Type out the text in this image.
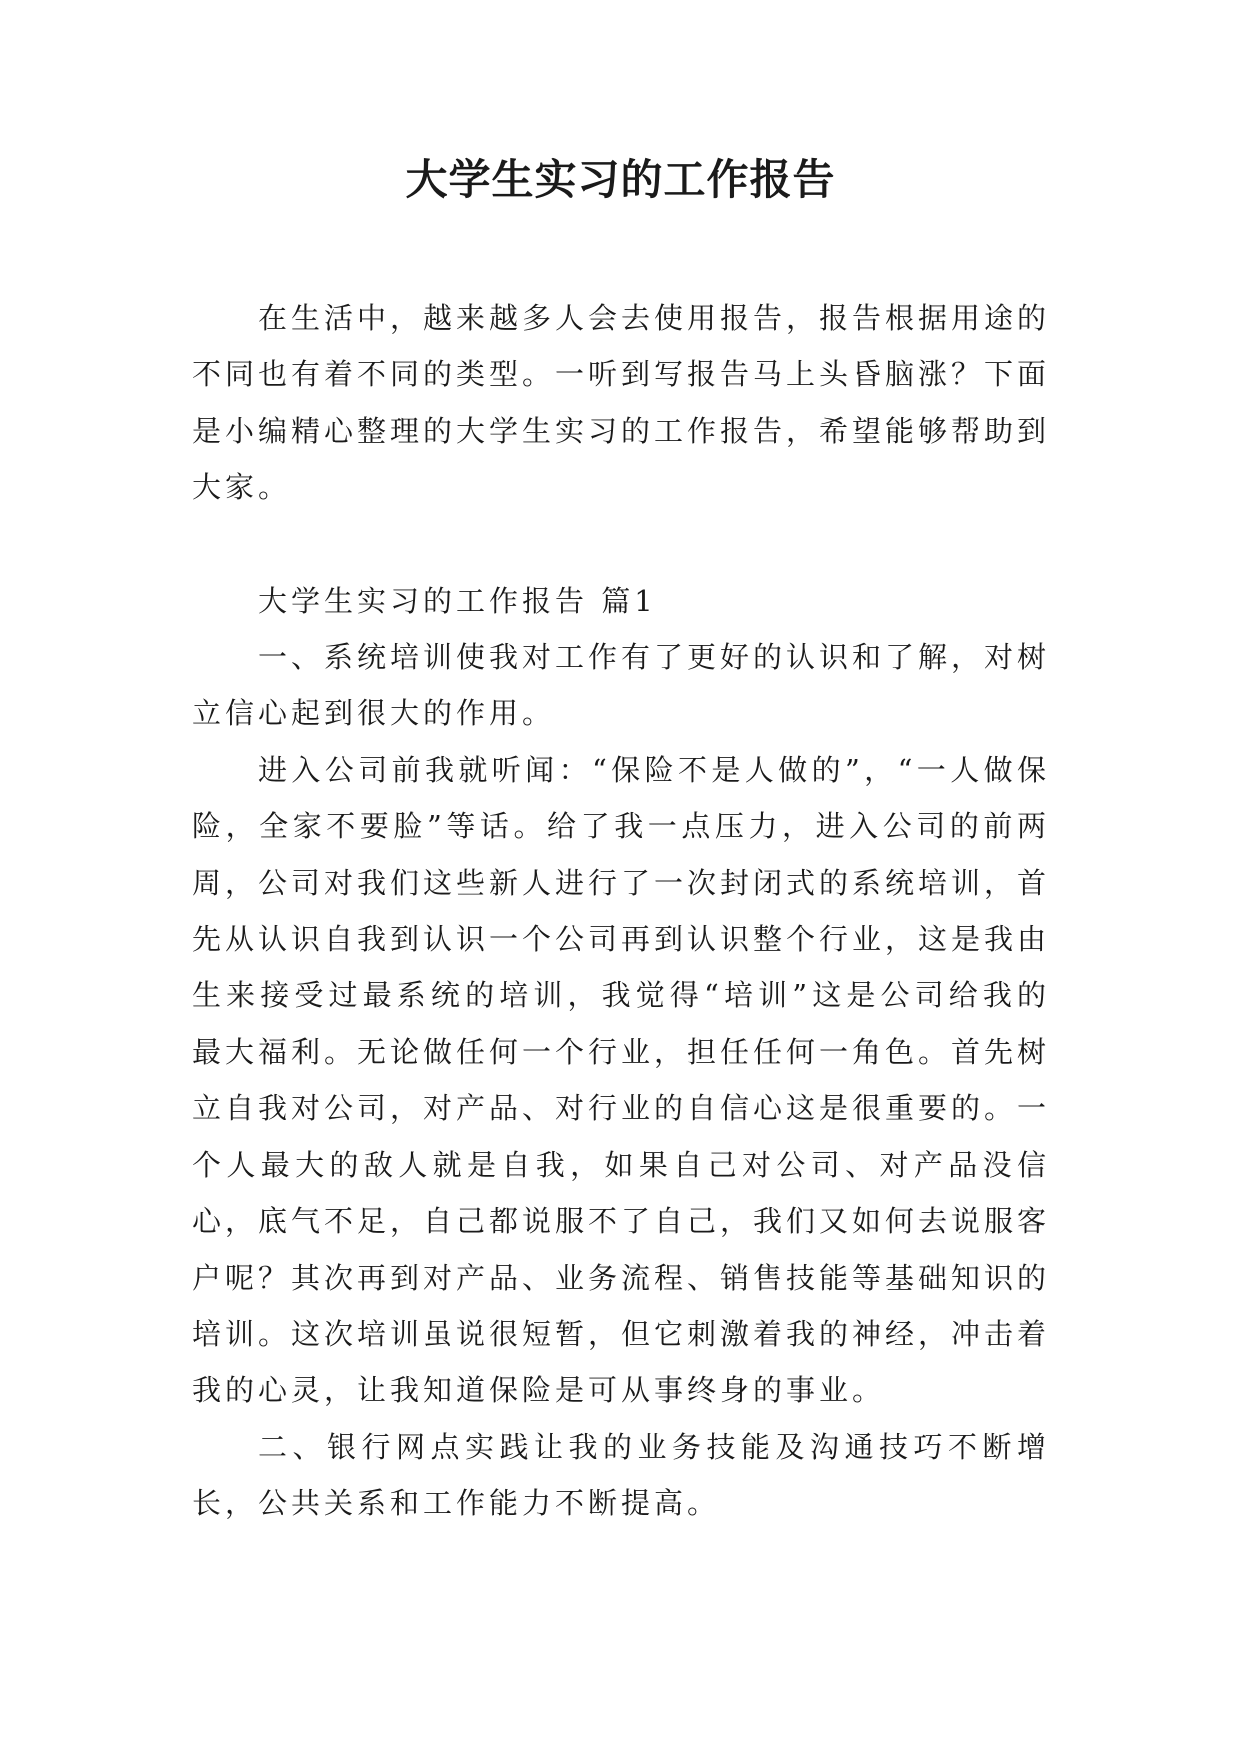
大学生实习的工作报告

在生活中，越来越多人会去使用报告，报告根据用途的不同也有着不同的类型。一听到写报告马上头昏脑涨？下面是小编精心整理的大学生实习的工作报告，希望能够帮助到大家。

大学生实习的工作报告 篇1

一、系统培训使我对工作有了更好的认识和了解，对树立信心起到很大的作用。

进入公司前我就听闻：“保险不是人做的”，“一人做保险，全家不要脸”等话。给了我一点压力，进入公司的前两周，公司对我们这些新人进行了一次封闭式的系统培训，首先从认识自我到认识一个公司再到认识整个行业，这是我由生来接受过最系统的培训，我觉得“培训”这是公司给我的最大福利。无论做任何一个行业，担任任何一角色。首先树立自我对公司，对产品、对行业的自信心这是很重要的。一个人最大的敌人就是自我，如果自己对公司、对产品没信心，底气不足，自己都说服不了自己，我们又如何去说服客户呢？其次再到对产品、业务流程、销售技能等基础知识的培训。这次培训虽说很短暂，但它刺激着我的神经，冲击着我的心灵，让我知道保险是可从事终身的事业。

二、银行网点实践让我的业务技能及沟通技巧不断增长，公共关系和工作能力不断提高。
